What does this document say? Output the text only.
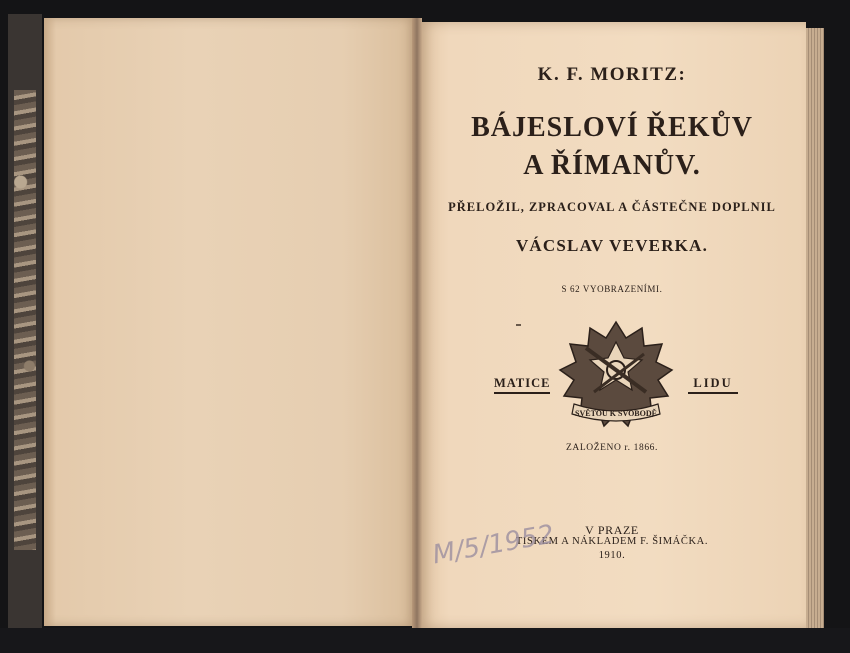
K. F. MORITZ:
BÁJESLOVÍ ŘEKŮV
A ŘÍMANŮV.
PŘELOŽIL, ZPRACOVAL A ČÁSTEČNE DOPLNIL
VÁCSLAV VEVERKA.
S 62 VYOBRAZENÍMI.
MATICE	LIDU
SVĚTOU K SVOBODĚ
ZALOŽENO r. 1866.
V PRAZE
TISKEM A NÁKLADEM F. ŠIMÁČKA.
1910.
M/5/1952
